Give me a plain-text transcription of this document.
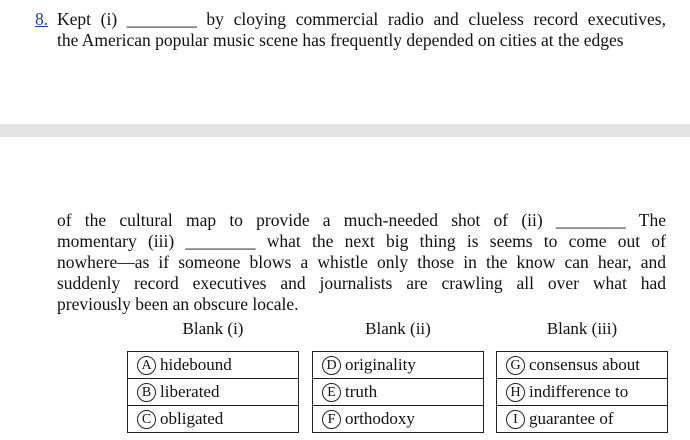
8. Kept (i) ________ by cloying commercial radio and clueless record executives,
the American popular music scene has frequently depended on cities at the edges
of the cultural map to provide a much-needed shot of (ii) ________ The
momentary (iii) ________ what the next big thing is seems to come out of
nowhere—as if someone blows a whistle only those in the know can hear, and
suddenly record executives and journalists are crawling all over what had
previously been an obscure locale.
Blank (i)
A hidebound
B liberated
C obligated
Blank (ii)
D originality
E truth
F orthodoxy
Blank (iii)
G consensus about
H indifference to
I guarantee of
